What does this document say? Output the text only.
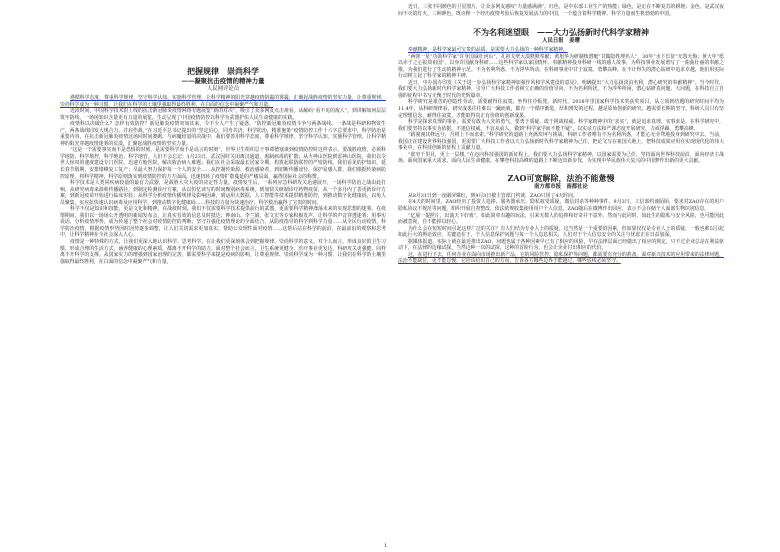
把握规律　崇尚科学
——凝聚抗击疫情的精神力量
人民网评论员

遵循科学态度，尊重科学规律，坚守科学认知，实施科学管理，让科学精神的阳光穿越疫情阴霾的雾霾，汇聚起战胜疫情的坚实力量，让尊重规律、崇尚科学成为一种习惯，让我们在科学的土壤里强取得最终胜利，在白面的信念中凝聚严气和力量。

近段时间，中国科学技术馆上线的抗击新冠肺炎疫情网络专题展览“新的对决”，吸引了众多网友点击观看。从解码“看不见的敌人”，到讲解如何层层筑牢防线，一场场知识含量更有力量的展览，生动呈现了中国疫情防控以科学为武器护佑人民生命健康的实践。

疫情科以决破什么？怎样有效防控？新冠肺炎疫情突如其来，令不少人产生了疑惑。“防控新冠肺炎疫情斗争与两条战线。一条战是科研和物资生产，两条战线同发大规合力，并肩作战，”在习近平总书记提出的“坚定信心，同舟共济，科学防治，精准施策”疫情防控工作十六字总要求中，科学防治是重要内容。在抗击新冠肺炎疫情这场同时间赛跑、与病魔较量的决战中，我们要善用科学态度，尊重科学规律，坚守科学认知，实施科学管理，让科学精神的阳光穿越疫情迷雾的荒漠，汇聚起战胜疫情的坚实力量。

“这是一个需要事实而不是恐惧的时刻，是需要科学而不是谣言的时刻”，世界卫生组织总干事谭德塞谈到疫情防控时这样表示。要战胜疫情，必须科学地防、科学地控，科学地治，科学地管。人们不会忘记：1月23日，武汉因时关闭离汉通道，遏制病毒的扩散；从火神山医院到雷神山医院，我们以令世人惊叹的速度建设专门医院，迅速方舱医院，解决收治病人难题；我们在社会采取最长居家令期，构筑起联防联控的严密防线。我们看见的护知识，延长春节假期，安排错峰复工复产；尽最大努力保护每一个人的安全……从控制传染源、救治感染者，到切断传播途径，保护易感人群，我们根据传染病防控原理，将科学精神、科学原则落实到疫情防控的方方面面，迅速扭转了疫情扩散蔓延的严峻局面，赢得国际社会的称赞。

科学技术是人类同疾病较量的最有力武器，是战胜大灾大疫的决定性力量。疫情发生后，一系列应急科研攻关迅速展开，一场科学防治之战由此打响。从研究病毒来源和传播路径，到制定检测诊疗方案，从以恒忆读写的时间甄别病毒系统，到加快关研制诊疗药物疫苗，从一个多月内了表更新诊疗方案，到新冠疫苗开始进行临床实验；从科学分析疫情传播规律及影响因素，到运用大数据、人工智能等技术提供精准防控，到推动数字化健康码，以免人员聚集，实应抗快速认识病毒及应用科学，到推动数字化健康码……科技的力量为快速治疗、科学救治赢得了宝贵的时间。

科学不仅是知识和技能，更是文化和精神。在战疫时刻，我们不仅需要科学技术提供前行的武器，更需要科学精神涤荡未来的实现思想的迷雾。在疫情期间，我们以一场场公开透明的新闻发布会，让真实有效的信息及时抵达；钟南山、李兰娟、张文宏等专家积极发声，让科学的声音穿透迷雾；用事实说话、分析疫情形势，成为传递了整个社会对疫情防控的判断；坚守并强化疫情理论的全面结合，从防疫指导的科学到科学力量……从全民行动疫情，科学防治疫情，根据疫情形势因时因势逐步调整，让人们关切需求更加真实，帮助公众理性面对疫情……这帮后站在科学的前沿，在最前沿的观察和思考中，让科学精神在全社会深入人心。

疫情是一种特殊的方式，让我们更深入地认识科学、思考科学。在让我们更深刻体会到把握规律、崇尚科学的意义，对个人而言，形成良好的卫生习惯、形成合理的生活方式，涵养健康的心理素质，都离不开科学的助力。面对整个社会而言，卫生系统更健全、医疗事业更发达，科研攻关更强健，同样离不开科学的支撑。从国家实力的增强到国家治理的完善，都需要科学来提是疫病的影响，让尊重规律、崇尚科学成为一种习惯，让我们在科学的土壤里强取得最终胜利，在白面的信念中凝聚严气和力量。

近日，三张不同颜色的卫星图片，让众多网友感叹“力量感满满”。红色，是中东部工业生产的热能；绿色，是正在不断复苏的耕地；金色，是武汉夜间不灭的灯火。三种颜色，既诠释一个经历疫情考验后恢复发展活力的中国，一个蕴含着科学精神、科学力量而生机勃勃的中国。

不为名利迷望眼　——大力弘扬新时代科学家精神
人民日报　姜璎

奉献精神，是科学家最可宝贵的品质，是需要大力弘扬的一种科学家精神。

“两弹一星”功勋科学家“许身国威壮河山”，孔祖戈壁大漠默默奉献；黄旭华为研制核潜艇“甘做隐姓埋名人”，30年“水下长征”无怨无悔；黄大年“愿以赤子之心报效祖国”，以身许国献身科研……这些科学家以家国情怀、奉献精神投身科研一线的感人故事，为科技事业发展谱写了一曲曲壮丽的奉献之歌，为我们进行了生动的精神示范。不为名利所惑、不为浮华所动，在科研事业中甘于寂寞、勇攀高峰，在不计得失的潜心钻研中追求卓越，他们用实际行动树立起了科学家的精神丰碑。

近日，中办国办印发《关于进一步弘扬科学家精神加强作风和学风建设的意见》，明确提出“大力弘扬淡泊名利，潜心研究的奉献精神”。当今时代，我们要大力弘扬新时代科学家精神，引导广大科技工作者树立正确的价值导向，不为名利所扰，不为浮华所困，潜心钻研真问题、大问题，在科技自立自强的征程中书写无愧于时代的光辉篇章。

科学研究是艰苦的创造性劳动，需要耐得住寂寞、坐得住冷板凳。新时代，2018年里国家科学技术奖获奖项目，从立项到结题的研究时间平均为11.4年，从科研规律看，研究成果往往难以一蹴而就，都有一个循序渐进、厚积薄发的过程。越是原始创新的研究，越需要长期的坚守。科研人员只有坚定理想信念，耐得住寂寞，才能取得真正有价值的创新成果。

科学是探求真理的事业，需要有敢为人先的勇气，要勇于质疑、敢于挑战权威。科学家精神中的“求实”，就是追求真理、实事求是。在科学研究中，我们要坚持以事实为依据，不迷信权威，不盲从前人，做到“科学家学而不能不疑”，以实证方法和严谨态度开展研究，力戒浮躁，勇攀高峰。

“路漫漫其修远兮，吾将上下而求索。”科学研究的道路上充满坎坷与挑战，科研工作者唯有不为名利所惑，才能心无旁骛地投身到研究中去。当前，我国正在建设世界科技强国，更需要广大科技工作者以大力弘扬新时代科学家精神为己任，把论文写在祖国大地上，把科技成果应用在实现现代化的伟大事业中，在科技创新的征程上贡献力量。

“欲穷千里目，更上一层楼。”在迈向科技强国的新征程上，我们要大力弘扬科学家精神，以国家需要为己任，坚持面向世界科技前沿、面向经济主战场、面向国家重大需求、面向人民生命健康，在攀登科技高峰的道路上不断迈出新步伐，为实现中华民族伟大复兴的中国梦作出新的更大贡献。

ZAO可宽解除，法治不能惫慢
南方都市报　南都社论

从8月31日到一夜刷屏爆红，到9月3日被主管部门约谈，ZAO只用了4天时间。

在4天的时间里，ZAO经历了投资人追捧、服务器承压、隐私权受质疑、微信封杀等种种事件。9月3日，工信部约谈陌陌，要求对ZAO存在的用户隐私协议不规范等问题，组织开展自查整改，依法依规收集使用用户个人信息。ZAO随后在微博作出回应，表示不会存储个人面部生物识别信息。

“亿展一提照片，出演天下好戏”，如此简单有趣的玩法，引来无数人的追捧和好奇并不意外。然而与此同时，如此生的隐私与安全风险，也可能因此而被忽视，自不能掉以轻心。

为什么会在短短时间引起这样广泛的关注？有人归结为专业人士的质疑，这当然是一个重要的因素，但如果仅仅是专业人士的质疑，一般也难以引起如此巨大的舆论效应。关键还在于，个人信息保护问题与每一个人息息相关，人们对于个人信息安全的关注与忧虑正在日益加深。

据媒体报道，实际上就在最近推出ZAO，问题也属于各种因素早已有了相应的风险，早在法律层面已经做出了相应的规定，只不过企业总是在利益驱动下，在法律的边缘试探，当然这种一次的试探，这种的冒险行为，也会让企业付出相应的代价。

这，在进行下去，任何企业在面向市场推出新产品，它的风险管控、隐私保护等问题，都需要有充分的准备。面对新兴技术的应用带来的法律问题，法治不能缺位，更不能怠慢。它应该给出自己的方向，告诉各方哪些边界不能越过，哪些底线必须坚守。

1
